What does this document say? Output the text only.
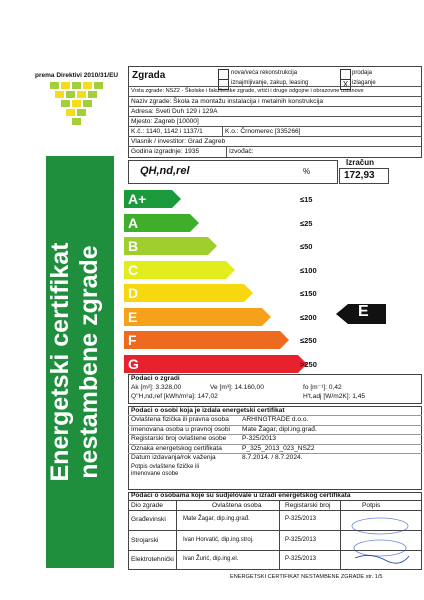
prema Direktivi 2010/31/EU
Energetski certifikat nestambene zgrade
Zgrada	nova/veća rekonstrukcija
iznajmljivanje, zakup, leasing
prodaja
X izlaganje
Vrsta zgrade: NSZ2 - Školske i fakultetske zgrade, vrtići i druge odgojne i obrazovne ustanove
Naziv zgrade: Škola za montažu instalacija i metalnih konstrukcija
Adresa: Sveti Duh 129 i 129A
Mjesto: Zagreb [10000]
K.č.: 1140, 1142 i 1137/1	K.o.: Črnomerec [335266]
Vlasnik / investitor: Grad Zagreb
Godina izgradnje: 1935	Izvođač:
QH,nd,rel	%
Izračun
172,93
A+	≤15
A	≤25
B	≤50
C	≤100
D	≤150
E	≤200
F	≤250
G	>250
E
Podaci o zgradi
Ak [m²]: 3.328,00	Ve [m³]: 14.160,00	fo [m⁻¹]: 0,42
Q''H,nd,ref [kWh/m²a]: 147,02	H't,adj [W/m2K]: 1,45
Podaci o osobi koja je izdala energetski certifikat
Ovlaštena fizička ili pravna osoba ARHINGTRADE d.o.o.
Imenovana osoba u pravnoj osobi Mate Žagar, dipl.ing.građ.
Registarski broj ovlaštene osobe P-325/2013
Oznaka energetskog certifikata	P_325_2013_023_NSZ2
Datum izdavanja/rok važenja	8.7.2014. / 8.7.2024.
Potpis ovlaštene fizičke ili imenovane osobe
Podaci o osobama koje su sudjelovale u izradi energetskog certifikata
Dio zgrade	Ovlaštena osoba	Registarski broj	Potpis
Građevinski	Mate Žagar, dip.ing.građ.	P-325/2013
Strojarski	Ivan Horvatić, dip.ing.stroj.	P-325/2013
Elektrotehnički Ivan Žurić, dip.ing.el.	P-325/2013
ENERGETSKI CERTIFIKAT NESTAMBENE ZGRADE str. 1/5
